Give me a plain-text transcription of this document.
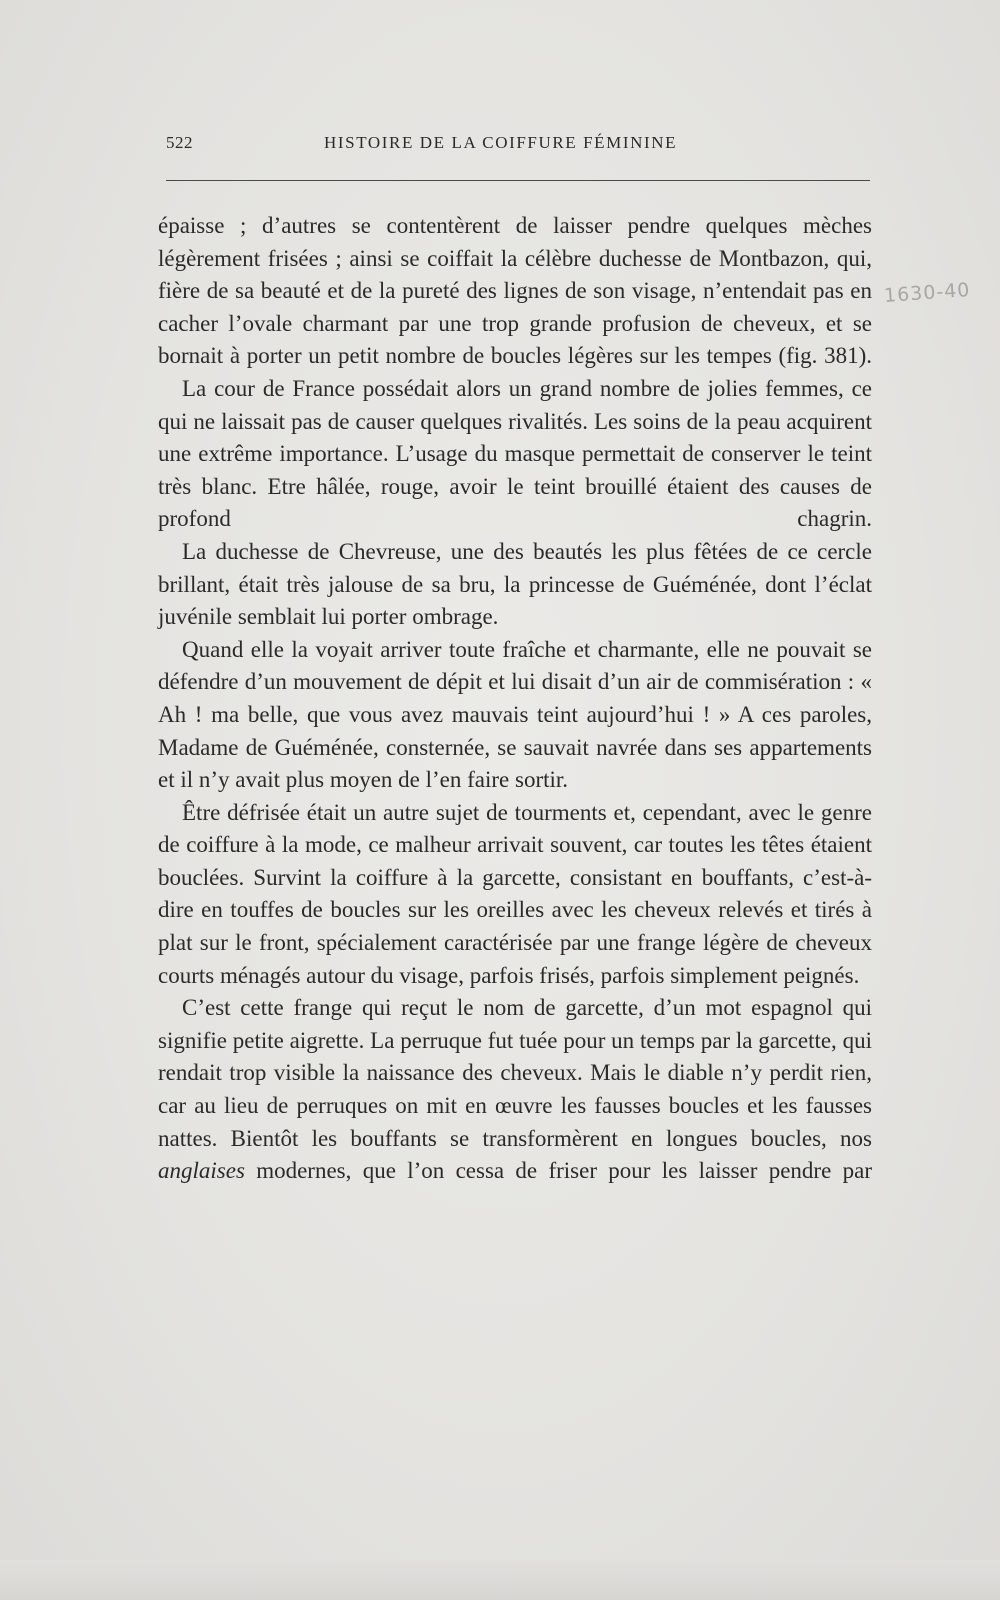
522	HISTOIRE DE LA COIFFURE FÉMININE
1630-40

épaisse ; d’autres se contentèrent de laisser pendre quelques mèches légèrement frisées ; ainsi se coiffait la célèbre duchesse de Montbazon, qui, fière de sa beauté et de la pureté des lignes de son visage, n’entendait pas en cacher l’ovale charmant par une trop grande profusion de cheveux, et se bornait à porter un petit nombre de boucles légères sur les tempes (fig. 381).

La cour de France possédait alors un grand nombre de jolies femmes, ce qui ne laissait pas de causer quelques rivalités. Les soins de la peau acquirent une extrême importance. L’usage du masque permettait de conserver le teint très blanc. Etre hâlée, rouge, avoir le teint brouillé étaient des causes de profond chagrin.

La duchesse de Chevreuse, une des beautés les plus fêtées de ce cercle brillant, était très jalouse de sa bru, la princesse de Guéménée, dont l’éclat juvénile semblait lui porter ombrage.

Quand elle la voyait arriver toute fraîche et charmante, elle ne pouvait se défendre d’un mouvement de dépit et lui disait d’un air de commisération : « Ah ! ma belle, que vous avez mauvais teint aujourd’hui ! » A ces paroles, Madame de Guéménée, consternée, se sauvait navrée dans ses appartements et il n’y avait plus moyen de l’en faire sortir.

Être défrisée était un autre sujet de tourments et, cependant, avec le genre de coiffure à la mode, ce malheur arrivait souvent, car toutes les têtes étaient bouclées. Survint la coiffure à la garcette, consistant en bouffants, c’est-à-dire en touffes de boucles sur les oreilles avec les cheveux relevés et tirés à plat sur le front, spécialement caractérisée par une frange légère de cheveux courts ménagés autour du visage, parfois frisés, parfois simplement peignés.

C’est cette frange qui reçut le nom de garcette, d’un mot espagnol qui signifie petite aigrette. La perruque fut tuée pour un temps par la garcette, qui rendait trop visible la naissance des cheveux. Mais le diable n’y perdit rien, car au lieu de perruques on mit en œuvre les fausses boucles et les fausses nattes. Bientôt les bouffants se transformèrent en longues boucles, nos anglaises modernes, que l’on cessa de friser pour les laisser pendre par
